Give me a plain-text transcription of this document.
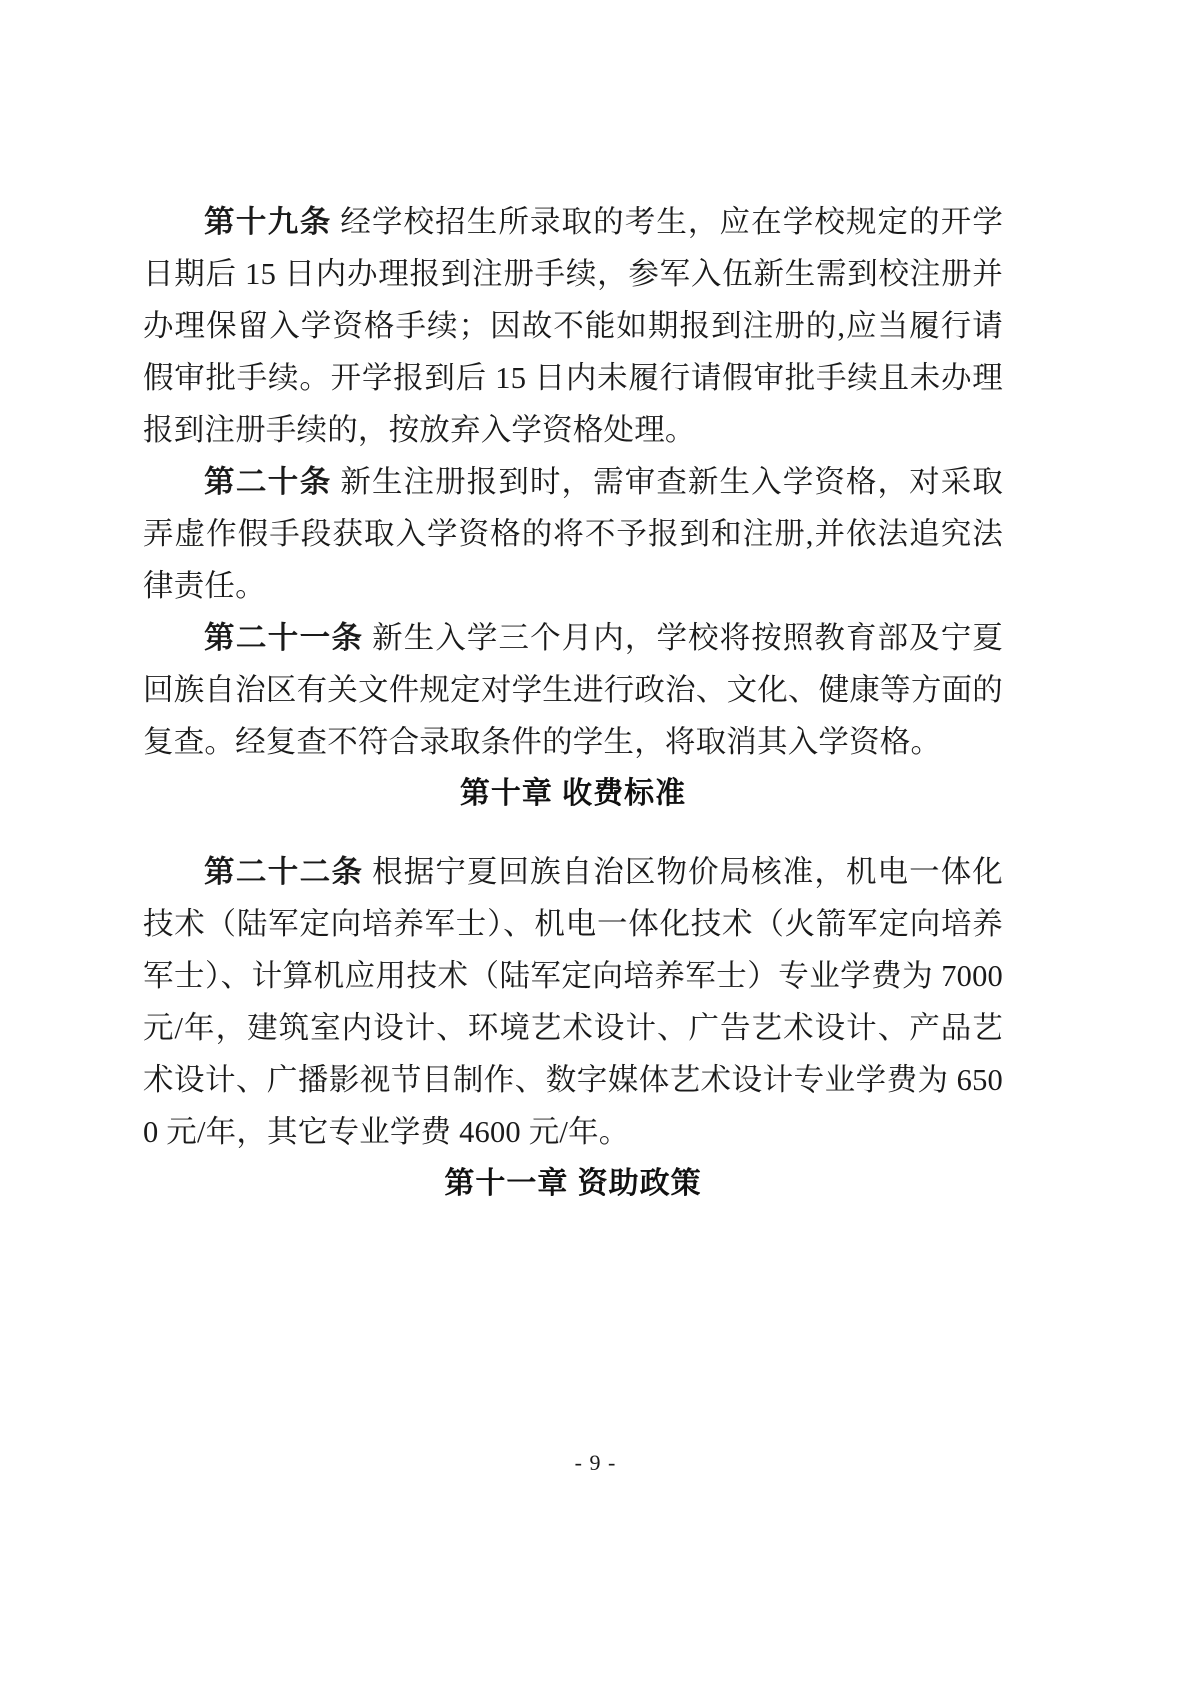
第十九条 经学校招生所录取的考生，应在学校规定的开学日期后 15 日内办理报到注册手续，参军入伍新生需到校注册并办理保留入学资格手续；因故不能如期报到注册的,应当履行请假审批手续。开学报到后 15 日内未履行请假审批手续且未办理报到注册手续的，按放弃入学资格处理。

第二十条 新生注册报到时，需审查新生入学资格，对采取弄虚作假手段获取入学资格的将不予报到和注册,并依法追究法律责任。

第二十一条 新生入学三个月内，学校将按照教育部及宁夏回族自治区有关文件规定对学生进行政治、文化、健康等方面的复查。经复查不符合录取条件的学生，将取消其入学资格。

第十章 收费标准

第二十二条 根据宁夏回族自治区物价局核准，机电一体化技术（陆军定向培养军士）、机电一体化技术（火箭军定向培养军士）、计算机应用技术（陆军定向培养军士）专业学费为 7000 元/年，建筑室内设计、环境艺术设计、广告艺术设计、产品艺术设计、广播影视节目制作、数字媒体艺术设计专业学费为 6500 元/年，其它专业学费 4600 元/年。

第十一章 资助政策

- 9 -
